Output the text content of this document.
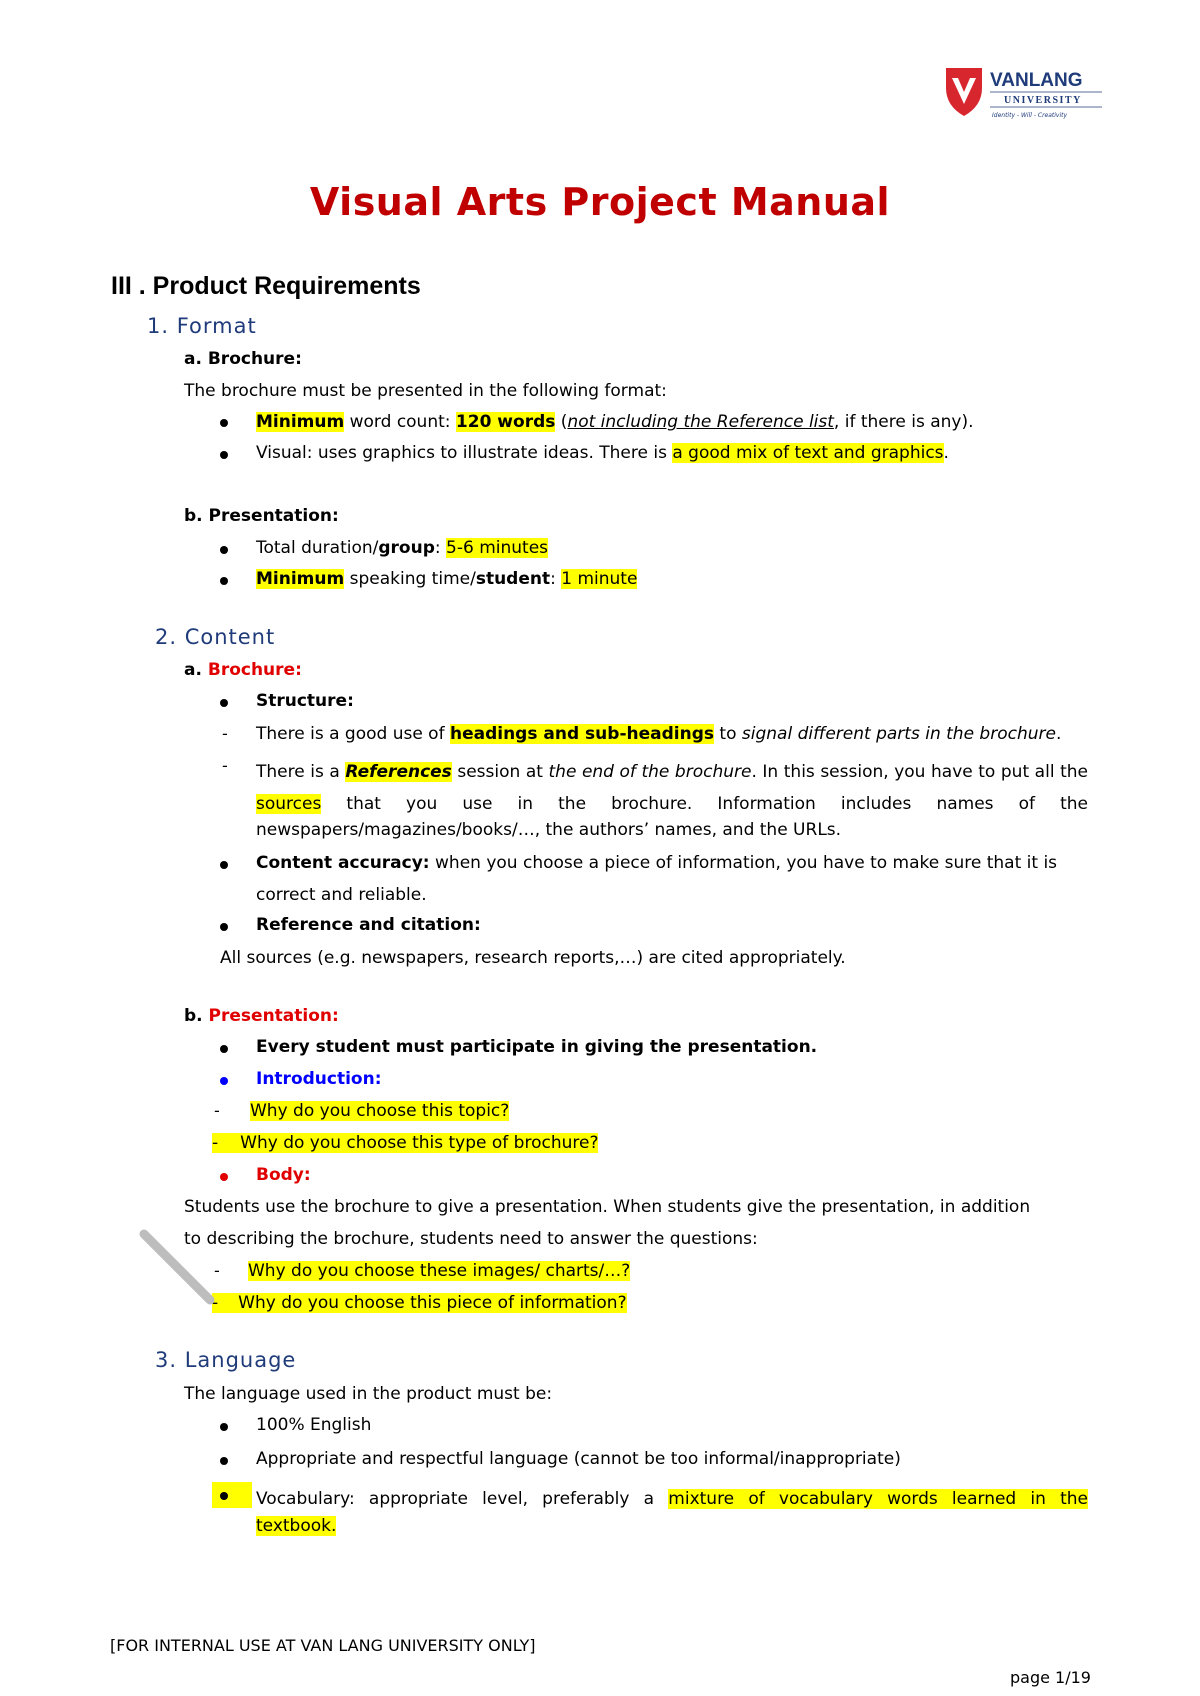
VANLANG
UNIVERSITY
Identity - Will - Creativity
Visual Arts Project Manual
III . Product Requirements
1. Format
a. Brochure:
The brochure must be presented in the following format:
Minimum word count: 120 words (not including the Reference list, if there is any).
Visual: uses graphics to illustrate ideas. There is a good mix of text and graphics.
b. Presentation:
Total duration/group: 5-6 minutes
Minimum speaking time/student: 1 minute
2. Content
a. Brochure:
Structure:
- There is a good use of headings and sub-headings to signal different parts in the brochure.
- There is a References session at the end of the brochure. In this session, you have to put all the sources that you use in the brochure. Information includes names of the
newspapers/magazines/books/…, the authors’ names, and the URLs.
Content accuracy: when you choose a piece of information, you have to make sure that it is
correct and reliable.
Reference and citation:
All sources (e.g. newspapers, research reports,…) are cited appropriately.
b. Presentation:
Every student must participate in giving the presentation.
Introduction:
- Why do you choose this topic?
- Why do you choose this type of brochure?
Body:
Students use the brochure to give a presentation. When students give the presentation, in addition
to describing the brochure, students need to answer the questions:
- Why do you choose these images/ charts/…?
- Why do you choose this piece of information?
3. Language
The language used in the product must be:
100% English
Appropriate and respectful language (cannot be too informal/inappropriate)
Vocabulary: appropriate level, preferably a mixture of vocabulary words learned in the
textbook.
[FOR INTERNAL USE AT VAN LANG UNIVERSITY ONLY]
page 1/19
